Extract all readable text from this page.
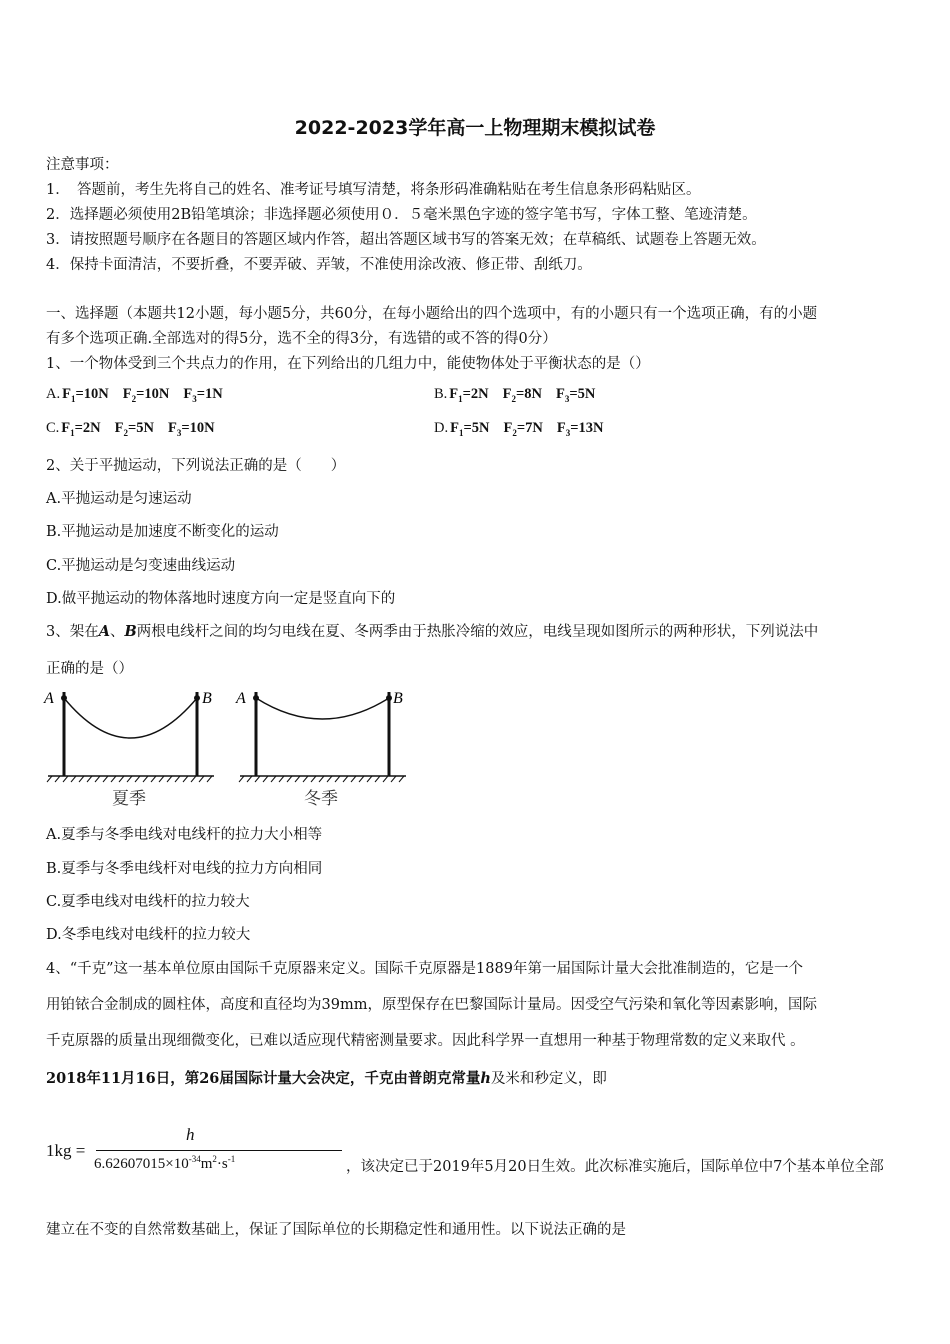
2022-2023学年高一上物理期末模拟试卷
注意事项：
1．　答题前，考生先将自己的姓名、准考证号填写清楚，将条形码准确粘贴在考生信息条形码粘贴区。
2．选择题必须使用2B铅笔填涂；非选择题必须使用０．５毫米黑色字迹的签字笔书写，字体工整、笔迹清楚。
3．请按照题号顺序在各题目的答题区域内作答，超出答题区域书写的答案无效；在草稿纸、试题卷上答题无效。
4．保持卡面清洁，不要折叠，不要弄破、弄皱，不准使用涂改液、修正带、刮纸刀。
一、选择题（本题共12小题，每小题5分，共60分，在每小题给出的四个选项中，有的小题只有一个选项正确，有的小题
有多个选项正确.全部选对的得5分，选不全的得3分，有选错的或不答的得0分）
1、一个物体受到三个共点力的作用，在下列给出的几组力中，能使物体处于平衡状态的是（）
A. $F_1=10N$ $F_2=10N$ $F_3=1N$	B. $F_1=2N$ $F_2=8N$ $F_3=5N$
C. $F_1=2N$ $F_2=5N$ $F_3=10N$	D. $F_1=5N$ $F_2=7N$ $F_3=13N$
2、关于平抛运动，下列说法正确的是（　　）
A.平抛运动是匀速运动
B.平抛运动是加速度不断变化的运动
C.平抛运动是匀变速曲线运动
D.做平抛运动的物体落地时速度方向一定是竖直向下的
3、架在A、B两根电线杆之间的均匀电线在夏、冬两季由于热胀冷缩的效应，电线呈现如图所示的两种形状，下列说法中
正确的是（）
A	B
夏季
A	B
冬季
A.夏季与冬季电线对电线杆的拉力大小相等
B.夏季与冬季电线杆对电线的拉力方向相同
C.夏季电线对电线杆的拉力较大
D.冬季电线对电线杆的拉力较大
4、“千克”这一基本单位原由国际千克原器来定义。国际千克原器是1889年第一届国际计量大会批准制造的，它是一个
用铂铱合金制成的圆柱体，高度和直径均为39mm，原型保存在巴黎国际计量局。因受空气污染和氧化等因素影响，国际
千克原器的质量出现细微变化，已难以适应现代精密测量要求。因此科学界一直想用一种基于物理常数的定义来取代 。
2018年11月16日，第26届国际计量大会决定，千克由普朗克常量h及米和秒定义，即
1kg =
h
$6.62607015\times 10^{-34}m^2\cdot s^{-1}$	，该决定已于2019年5月20日生效。此次标准实施后，国际单位中7个基本单位全部
建立在不变的自然常数基础上，保证了国际单位的长期稳定性和通用性。以下说法正确的是
